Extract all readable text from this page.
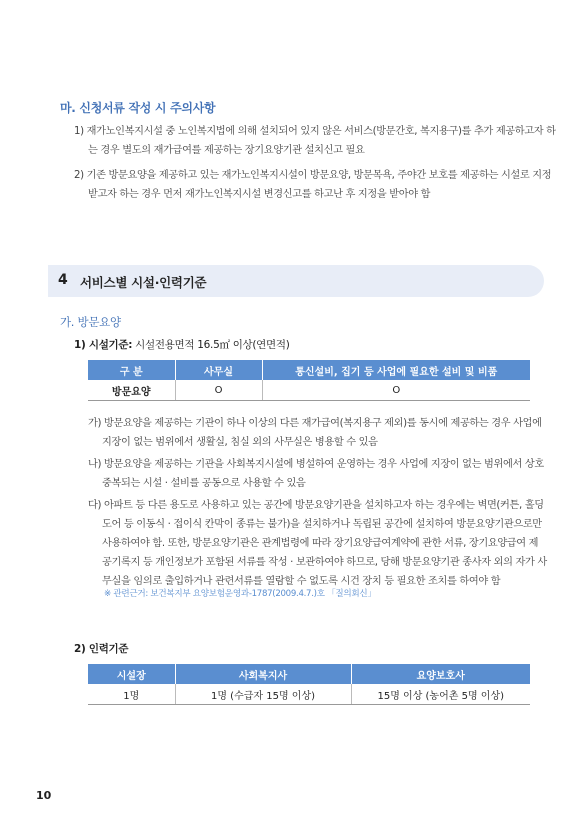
마. 신청서류 작성 시 주의사항
1) 재가노인복지시설 중 노인복지법에 의해 설치되어 있지 않은 서비스(방문간호, 복지용구)를 추가 제공하고자 하는 경우 별도의 재가급여를 제공하는 장기요양기관 설치신고 필요
2) 기존 방문요양을 제공하고 있는 재가노인복지시설이 방문요양, 방문목욕, 주야간 보호를 제공하는 시설로 지정받고자 하는 경우 먼저 재가노인복지시설 변경신고를 하고난 후 지정을 받아야 함
4 서비스별 시설·인력기준
가. 방문요양
1) 시설기준: 시설전용면적 16.5㎡ 이상(연면적)
구 분	사무실	통신설비, 집기 등 사업에 필요한 설비 및 비품
방문요양	O	O
가) 방문요양을 제공하는 기관이 하나 이상의 다른 재가급여(복지용구 제외)를 동시에 제공하는 경우 사업에 지장이 없는 범위에서 생활실, 침실 외의 사무실은 병용할 수 있음
나) 방문요양을 제공하는 기관을 사회복지시설에 병설하여 운영하는 경우 사업에 지장이 없는 범위에서 상호 중복되는 시설 · 설비를 공동으로 사용할 수 있음
다) 아파트 등 다른 용도로 사용하고 있는 공간에 방문요양기관을 설치하고자 하는 경우에는 벽면(커튼, 홀딩도어 등 이동식 · 접이식 칸막이 종류는 불가)을 설치하거나 독립된 공간에 설치하여 방문요양기관으로만 사용하여야 함. 또한, 방문요양기관은 관계법령에 따라 장기요양급여계약에 관한 서류, 장기요양급여 제공기록지 등 개인정보가 포함된 서류를 작성 · 보관하여야 하므로, 당해 방문요양기관 종사자 외의 자가 사무실을 임의로 출입하거나 관련서류를 열람할 수 없도록 시건 장치 등 필요한 조치를 하여야 함
※ 관련근거: 보건복지부 요양보험운영과-1787(2009.4.7.)호 「질의회신」
2) 인력기준
시설장	사회복지사	요양보호사
1명	1명 (수급자 15명 이상)	15명 이상 (농어촌 5명 이상)
10
